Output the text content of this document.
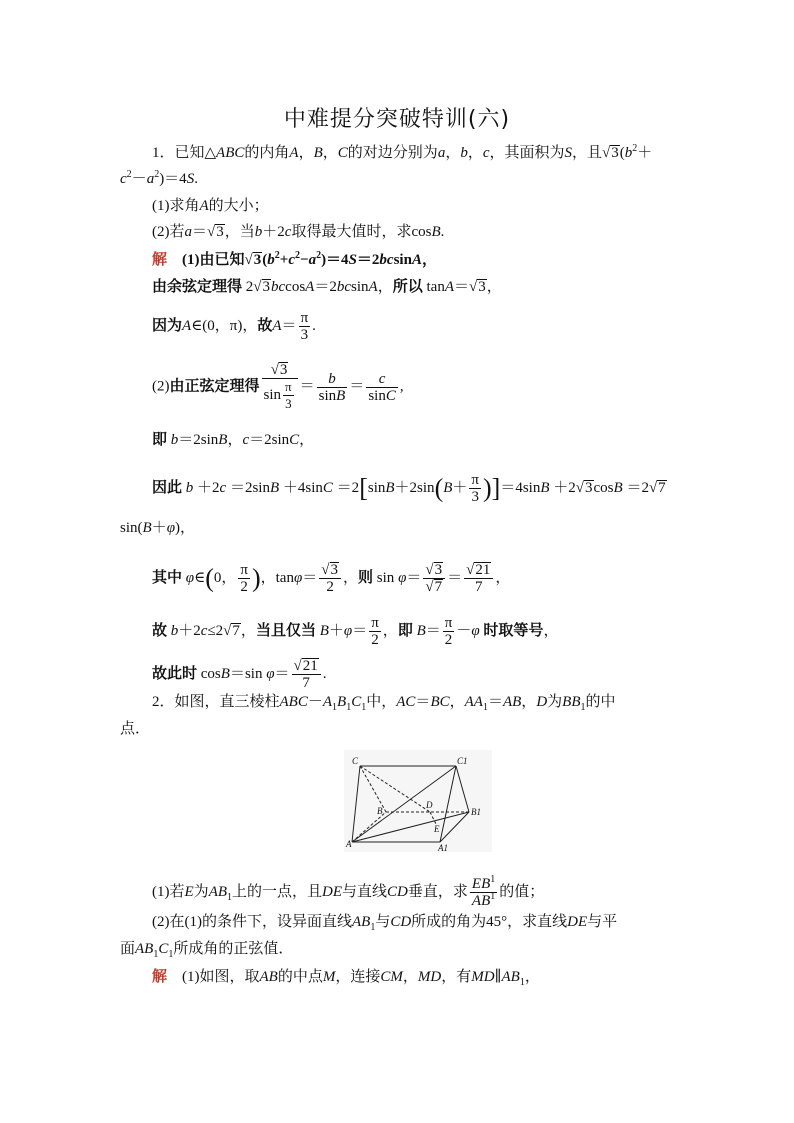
中难提分突破特训(六)
1．已知△ABC的内角A，B，C的对边分别为a，b，c，其面积为S，且$√3(b^2+$
$c^2-a^2)=4S$.
(1)求角A的大小；
(2)若a＝√3，当b＋2c取得最大值时，求cosB.
解　 (1)由已知$√3(b^2+c^2-a^2)=4S=2bcsinA$，
由余弦定理得 2√3bccosA＝2bcsinA，所以 tanA＝√3，
因为A∈(0，π)，故$A= \frac{\pi}{3}$ .
(2)由正弦定理得 $\frac{√3}{\sin \frac{\pi}{3}} = \frac{b}{\sin B} = \frac{c}{\sin C}$ ,
即 b＝2sinB，c＝2sinC，
因此 $b +2c =2\sin B +4\sin C =2[\sin B+2\sin(B+ \frac{\pi}{3} )]=4\sin B +2√3\cos B =2√7$
sin(B＋φ)，
其中 φ∈(0， $\frac{\pi}{2}$ )，$\tan\varphi= \frac{√3}{2}$ ，则 $\sin \varphi= \frac{√3}{√7} = \frac{√21}{7}$ ，
故 b＋2c≤2√7，当且仅当 $B+\varphi= \frac{\pi}{2}$ ，即 $B= \frac{\pi}{2} -\varphi$ 时取等号，
故此时 cosB＝sin $\varphi= \frac{√21}{7}$ .
2．如图，直三棱柱$ABC-A_1B_1C_1$中，AC＝BC，$AA_1=AB$，D为$BB_1$的中
点．
C	C1
B
D
B1
E
A	A1
(1)若E为$AB_1$上的一点，且DE与直线CD垂直，求 $\frac{EB^1}{AB^1}$ 的值；
(2)在(1)的条件下，设异面直线$AB_1$与CD所成的角为45°，求直线DE与平
面$AB_1C_1$所成角的正弦值．
解　(1)如图，取AB的中点M，连接CM，MD，有$MD\parallel AB_1$，
